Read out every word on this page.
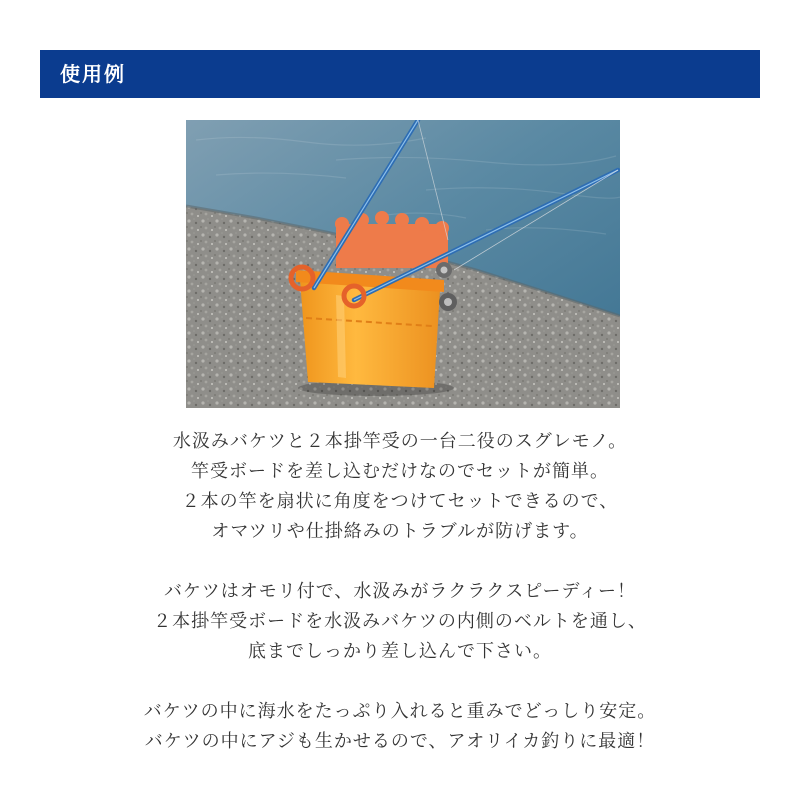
使用例
水汲みバケツと２本掛竿受の一台二役のスグレモノ。
竿受ボードを差し込むだけなのでセットが簡単。
２本の竿を扇状に角度をつけてセットできるので、
オマツリや仕掛絡みのトラブルが防げます。
バケツはオモリ付で、水汲みがラクラクスピーディー！
２本掛竿受ボードを水汲みバケツの内側のベルトを通し、
底までしっかり差し込んで下さい。
バケツの中に海水をたっぷり入れると重みでどっしり安定。
バケツの中にアジも生かせるので、アオリイカ釣りに最適！
